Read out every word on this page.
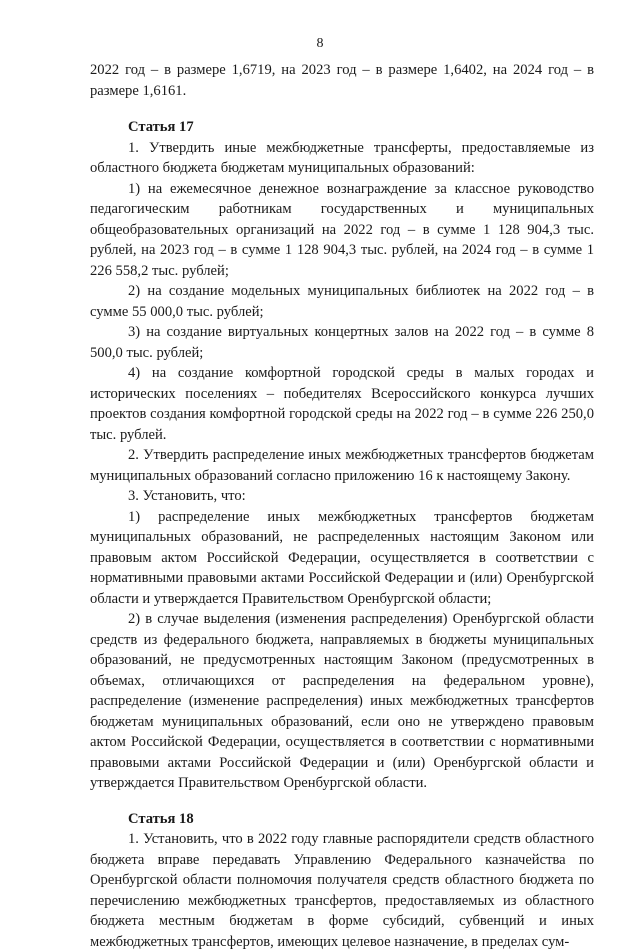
8

2022 год – в размере 1,6719, на 2023 год – в размере 1,6402, на 2024 год – в размере 1,6161.

Статья 17

1. Утвердить иные межбюджетные трансферты, предоставляемые из областного бюджета бюджетам муниципальных образований:

1) на ежемесячное денежное вознаграждение за классное руководство педагогическим работникам государственных и муниципальных общеобразовательных организаций на 2022 год – в сумме 1 128 904,3 тыс. рублей, на 2023 год – в сумме 1 128 904,3 тыс. рублей, на 2024 год – в сумме 1 226 558,2 тыс. рублей;

2) на создание модельных муниципальных библиотек на 2022 год – в сумме 55 000,0 тыс. рублей;

3) на создание виртуальных концертных залов на 2022 год – в сумме 8 500,0 тыс. рублей;

4) на создание комфортной городской среды в малых городах и исторических поселениях – победителях Всероссийского конкурса лучших проектов создания комфортной городской среды на 2022 год – в сумме 226 250,0 тыс. рублей.

2. Утвердить распределение иных межбюджетных трансфертов бюджетам муниципальных образований согласно приложению 16 к настоящему Закону.

3. Установить, что:

1) распределение иных межбюджетных трансфертов бюджетам муниципальных образований, не распределенных настоящим Законом или правовым актом Российской Федерации, осуществляется в соответствии с нормативными правовыми актами Российской Федерации и (или) Оренбургской области и утверждается Правительством Оренбургской области;

2) в случае выделения (изменения распределения) Оренбургской области средств из федерального бюджета, направляемых в бюджеты муниципальных образований, не предусмотренных настоящим Законом (предусмотренных в объемах, отличающихся от распределения на федеральном уровне), распределение (изменение распределения) иных межбюджетных трансфертов бюджетам муниципальных образований, если оно не утверждено правовым актом Российской Федерации, осуществляется в соответствии с нормативными правовыми актами Российской Федерации и (или) Оренбургской области и утверждается Правительством Оренбургской области.

Статья 18

1. Установить, что в 2022 году главные распорядители средств областного бюджета вправе передавать Управлению Федерального казначейства по Оренбургской области полномочия получателя средств областного бюджета по перечислению межбюджетных трансфертов, предоставляемых из областного бюджета местным бюджетам в форме субсидий, субвенций и иных межбюджетных трансфертов, имеющих целевое назначение, в пределах сум-
